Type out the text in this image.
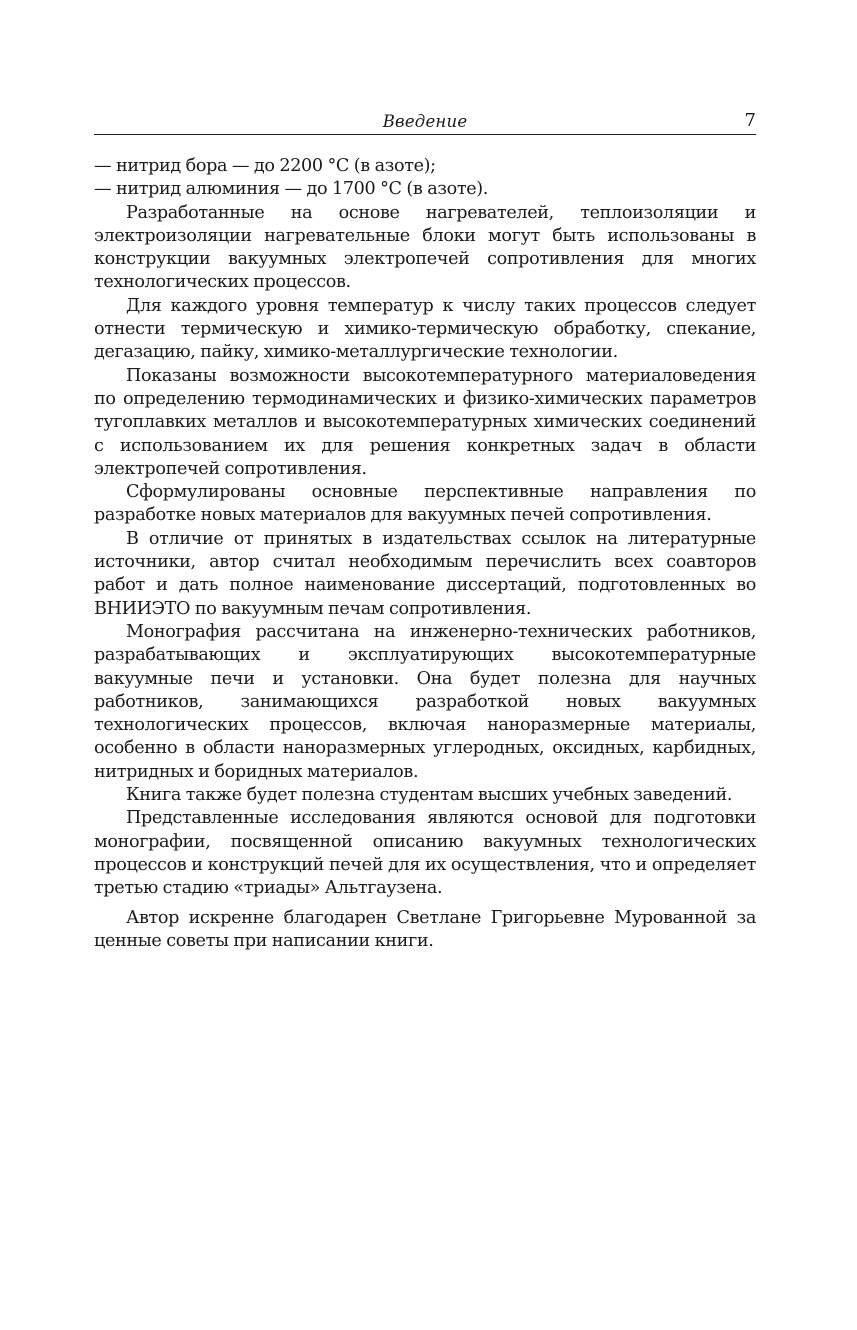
Введение	7

— нитрид бора — до 2200 °C (в азоте);

— нитрид алюминия — до 1700 °C (в азоте).

Разработанные на основе нагревателей, теплоизоляции и электроизоляции нагревательные блоки могут быть использованы в конструкции вакуумных электропечей сопротивления для многих технологических процессов.

Для каждого уровня температур к числу таких процессов следует отнести термическую и химико-термическую обработку, спекание, дегазацию, пайку, химико-металлургические технологии.

Показаны возможности высокотемпературного материаловедения по определению термодинамических и физико-химических параметров тугоплавких металлов и высокотемпературных химических соединений с использованием их для решения конкретных задач в области электропечей сопротивления.

Сформулированы основные перспективные направления по разработке новых материалов для вакуумных печей сопротивления.

В отличие от принятых в издательствах ссылок на литературные источники, автор считал необходимым перечислить всех соавторов работ и дать полное наименование диссертаций, подготовленных во ВНИИЭТО по вакуумным печам сопротивления.

Монография рассчитана на инженерно-технических работников, разрабатывающих и эксплуатирующих высокотемпературные вакуумные печи и установки. Она будет полезна для научных работников, занимающихся разработкой новых вакуумных технологических процессов, включая наноразмерные материалы, особенно в области наноразмерных углеродных, оксидных, карбидных, нитридных и боридных материалов.

Книга также будет полезна студентам высших учебных заведений.

Представленные исследования являются основой для подготовки монографии, посвященной описанию вакуумных технологических процессов и конструкций печей для их осуществления, что и определяет третью стадию «триады» Альтгаузена.

Автор искренне благодарен Светлане Григорьевне Мурованной за ценные советы при написании книги.
